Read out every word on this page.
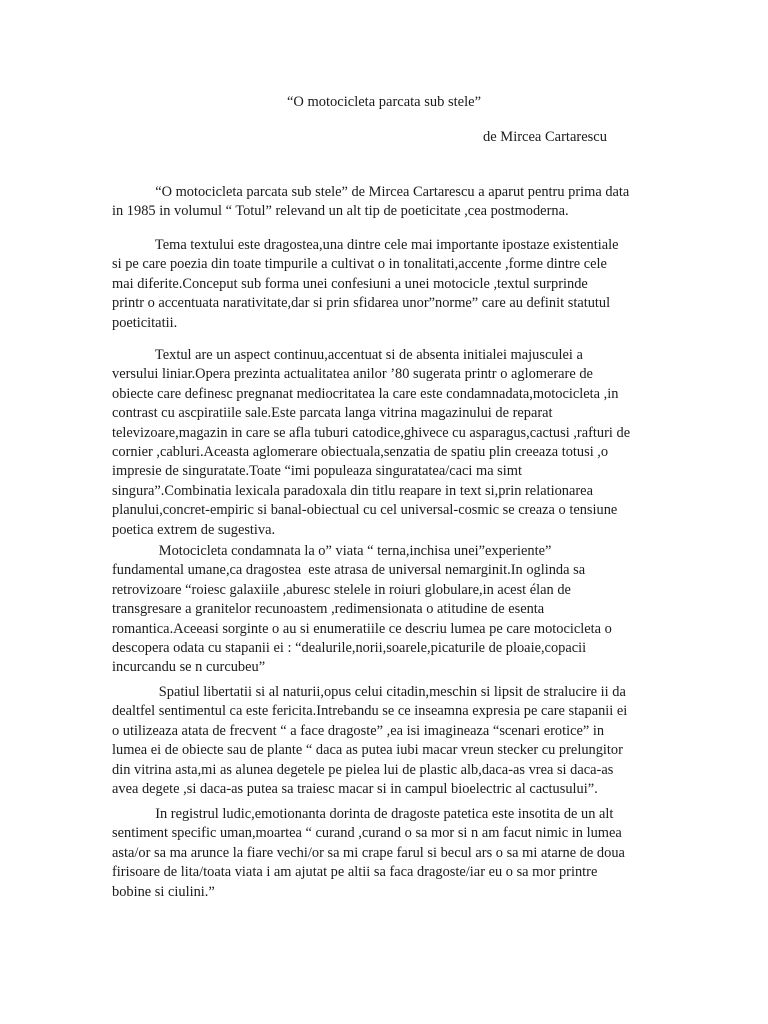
“O motocicleta parcata sub stele”
de Mircea Cartarescu
“O motocicleta parcata sub stele” de Mircea Cartarescu a aparut pentru prima data
in 1985 in volumul “ Totul” relevand un alt tip de poeticitate ,cea postmoderna.
Tema textului este dragostea,una dintre cele mai importante ipostaze existentiale
si pe care poezia din toate timpurile a cultivat o in tonalitati,accente ,forme dintre cele
mai diferite.Conceput sub forma unei confesiuni a unei motocicle ,textul surprinde
printr o accentuata narativitate,dar si prin sfidarea unor”norme” care au definit statutul
poeticitatii.
Textul are un aspect continuu,accentuat si de absenta initialei majusculei a
versului liniar.Opera prezinta actualitatea anilor ’80 sugerata printr o aglomerare de
obiecte care definesc pregnanat mediocritatea la care este condamnadata,motocicleta ,in
contrast cu ascpiratiile sale.Este parcata langa vitrina magazinului de reparat
televizoare,magazin in care se afla tuburi catodice,ghivece cu asparagus,cactusi ,rafturi de
cornier ,cabluri.Aceasta aglomerare obiectuala,senzatia de spatiu plin creeaza totusi ,o
impresie de singuratate.Toate “imi populeaza singuratatea/caci ma simt
singura”.Combinatia lexicala paradoxala din titlu reapare in text si,prin relationarea
planului,concret-empiric si banal-obiectual cu cel universal-cosmic se creaza o tensiune
poetica extrem de sugestiva.
Motocicleta condamnata la o” viata “ terna,inchisa unei”experiente”
fundamental umane,ca dragostea  este atrasa de universal nemarginit.In oglinda sa
retrovizoare “roiesc galaxiile ,aburesc stelele in roiuri globulare,in acest élan de
transgresare a granitelor recunoastem ,redimensionata o atitudine de esenta
romantica.Aceeasi sorginte o au si enumeratiile ce descriu lumea pe care motocicleta o
descopera odata cu stapanii ei : “dealurile,norii,soarele,picaturile de ploaie,copacii
incurcandu se n curcubeu”
Spatiul libertatii si al naturii,opus celui citadin,meschin si lipsit de stralucire ii da
dealtfel sentimentul ca este fericita.Intrebandu se ce inseamna expresia pe care stapanii ei
o utilizeaza atata de frecvent “ a face dragoste” ,ea isi imagineaza “scenari erotice” in
lumea ei de obiecte sau de plante “ daca as putea iubi macar vreun stecker cu prelungitor
din vitrina asta,mi as alunea degetele pe pielea lui de plastic alb,daca-as vrea si daca-as
avea degete ,si daca-as putea sa traiesc macar si in campul bioelectric al cactusului”.
In registrul ludic,emotionanta dorinta de dragoste patetica este insotita de un alt
sentiment specific uman,moartea “ curand ,curand o sa mor si n am facut nimic in lumea
asta/or sa ma arunce la fiare vechi/or sa mi crape farul si becul ars o sa mi atarne de doua
firisoare de lita/toata viata i am ajutat pe altii sa faca dragoste/iar eu o sa mor printre
bobine si ciulini.”
